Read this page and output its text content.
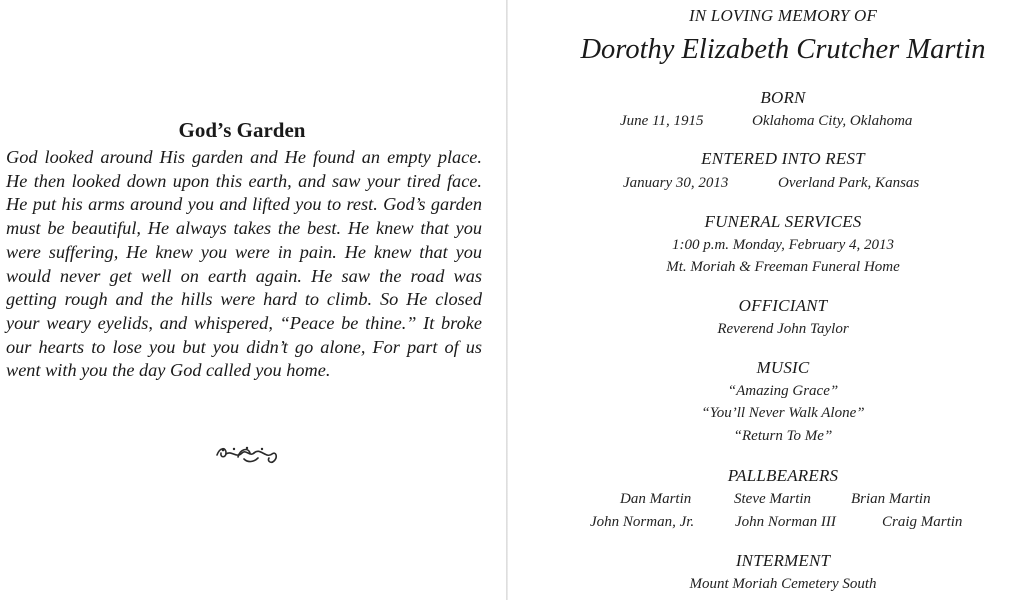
God’s Garden

God looked around His garden and He found an empty place. He then looked down upon this earth, and saw your tired face. He put his arms around you and lifted you to rest. God’s garden must be beautiful, He always takes the best. He knew that you were suffering, He knew you were in pain. He knew that you would never get well on earth again. He saw the road was getting rough and the hills were hard to climb. So He closed your weary eyelids, and whispered, “Peace be thine.” It broke our hearts to lose you but you didn’t go alone, For part of us went with you the day God called you home.

IN LOVING MEMORY OF

Dorothy Elizabeth Crutcher Martin

BORN

June 11, 1915	Oklahoma City, Oklahoma

ENTERED INTO REST

January 30, 2013	Overland Park, Kansas

FUNERAL SERVICES

1:00 p.m. Monday, February 4, 2013

Mt. Moriah & Freeman Funeral Home

OFFICIANT

Reverend John Taylor

MUSIC

“Amazing Grace”

“You’ll Never Walk Alone”

“Return To Me”

PALLBEARERS

Dan Martin	Steve Martin	Brian Martin
John Norman, Jr.	John Norman III	Craig Martin

INTERMENT

Mount Moriah Cemetery South
